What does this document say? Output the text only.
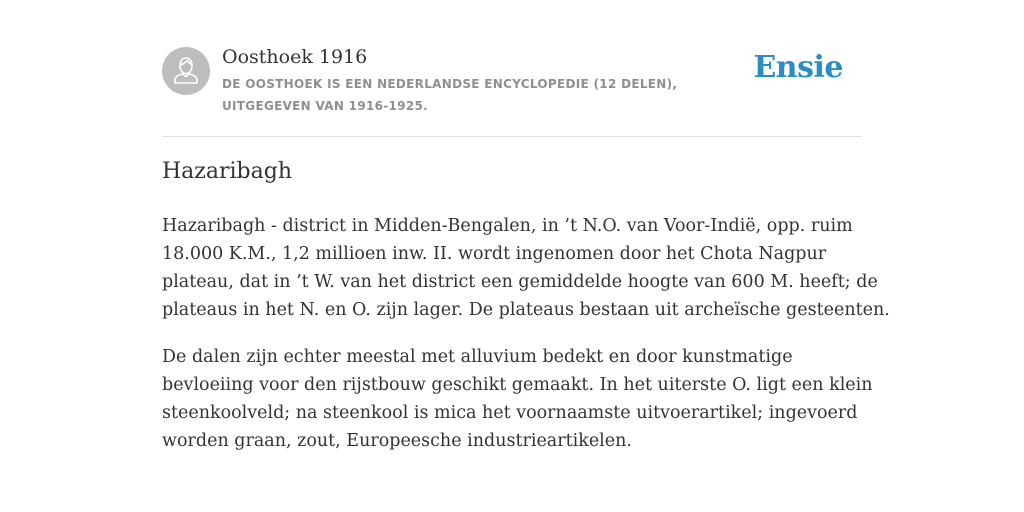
Oosthoek 1916
DE OOSTHOEK IS EEN NEDERLANDSE ENCYCLOPEDIE (12 DELEN), UITGEGEVEN VAN 1916-1925.
Ensie
Hazaribagh

Hazaribagh - district in Midden-Bengalen, in ’t N.O. van Voor-Indië, opp. ruim
18.000 K.M., 1,2 millioen inw. II. wordt ingenomen door het Chota Nagpur
plateau, dat in ’t W. van het district een gemiddelde hoogte van 600 M. heeft; de
plateaus in het N. en O. zijn lager. De plateaus bestaan uit archeïsche gesteenten.

De dalen zijn echter meestal met alluvium bedekt en door kunstmatige
bevloeiing voor den rijstbouw geschikt gemaakt. In het uiterste O. ligt een klein
steenkoolveld; na steenkool is mica het voornaamste uitvoerartikel; ingevoerd
worden graan, zout, Europeesche industrieartikelen.
